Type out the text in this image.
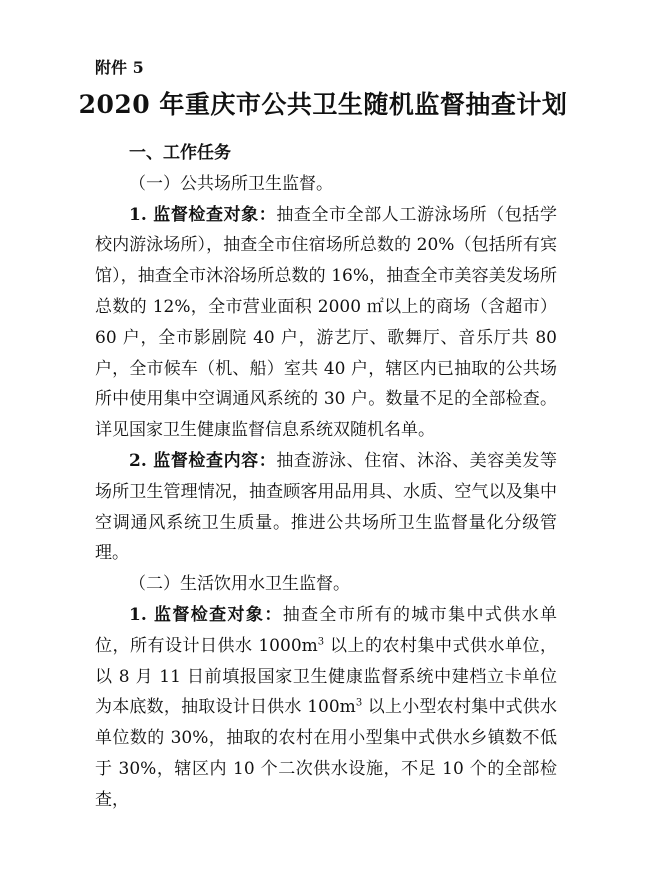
附件 5
2020 年重庆市公共卫生随机监督抽查计划

一、工作任务

（一）公共场所卫生监督。

1. 监督检查对象：抽查全市全部人工游泳场所（包括学校内游泳场所），抽查全市住宿场所总数的 20%（包括所有宾馆），抽查全市沐浴场所总数的 16%，抽查全市美容美发场所总数的 12%，全市营业面积 2000 ㎡以上的商场（含超市）60 户，全市影剧院 40 户，游艺厅、歌舞厅、音乐厅共 80 户，全市候车（机、船）室共 40 户，辖区内已抽取的公共场所中使用集中空调通风系统的 30 户。数量不足的全部检查。详见国家卫生健康监督信息系统双随机名单。

2. 监督检查内容：抽查游泳、住宿、沐浴、美容美发等场所卫生管理情况，抽查顾客用品用具、水质、空气以及集中空调通风系统卫生质量。推进公共场所卫生监督量化分级管理。

（二）生活饮用水卫生监督。

1. 监督检查对象：抽查全市所有的城市集中式供水单位，所有设计日供水 $1000m^3$ 以上的农村集中式供水单位，以 8 月 11 日前填报国家卫生健康监督系统中建档立卡单位为本底数，抽取设计日供水 $100m^3$ 以上小型农村集中式供水单位数的 30%，抽取的农村在用小型集中式供水乡镇数不低于 30%，辖区内 10 个二次供水设施，不足 10 个的全部检查，
